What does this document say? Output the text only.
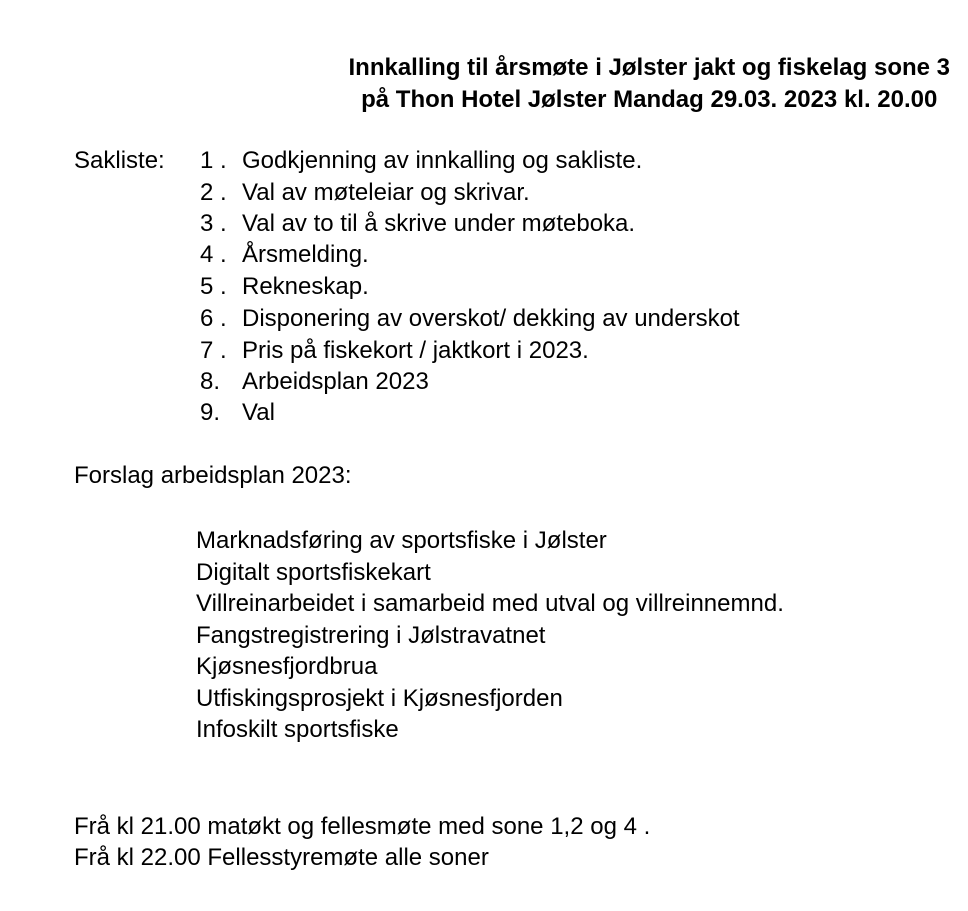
Innkalling til årsmøte i Jølster jakt og fiskelag sone 3
på Thon Hotel Jølster Mandag 29.03. 2023 kl. 20.00
Sakliste: 1 . Godkjenning av innkalling og sakliste.
2 . Val av møteleiar og skrivar.
3 . Val av to til å skrive under møteboka.
4 . Årsmelding.
5 . Rekneskap.
6 . Disponering av overskot/ dekking av underskot
7 . Pris på fiskekort / jaktkort i 2023.
8. Arbeidsplan 2023
9. Val
Forslag arbeidsplan 2023:
Marknadsføring av sportsfiske i Jølster
Digitalt sportsfiskekart
Villreinarbeidet i samarbeid med utval og villreinnemnd.
Fangstregistrering i Jølstravatnet
Kjøsnesfjordbrua
Utfiskingsprosjekt i Kjøsnesfjorden
Infoskilt sportsfiske
Frå kl 21.00 matøkt og fellesmøte med sone 1,2 og 4 .
Frå kl 22.00 Fellesstyremøte alle soner
